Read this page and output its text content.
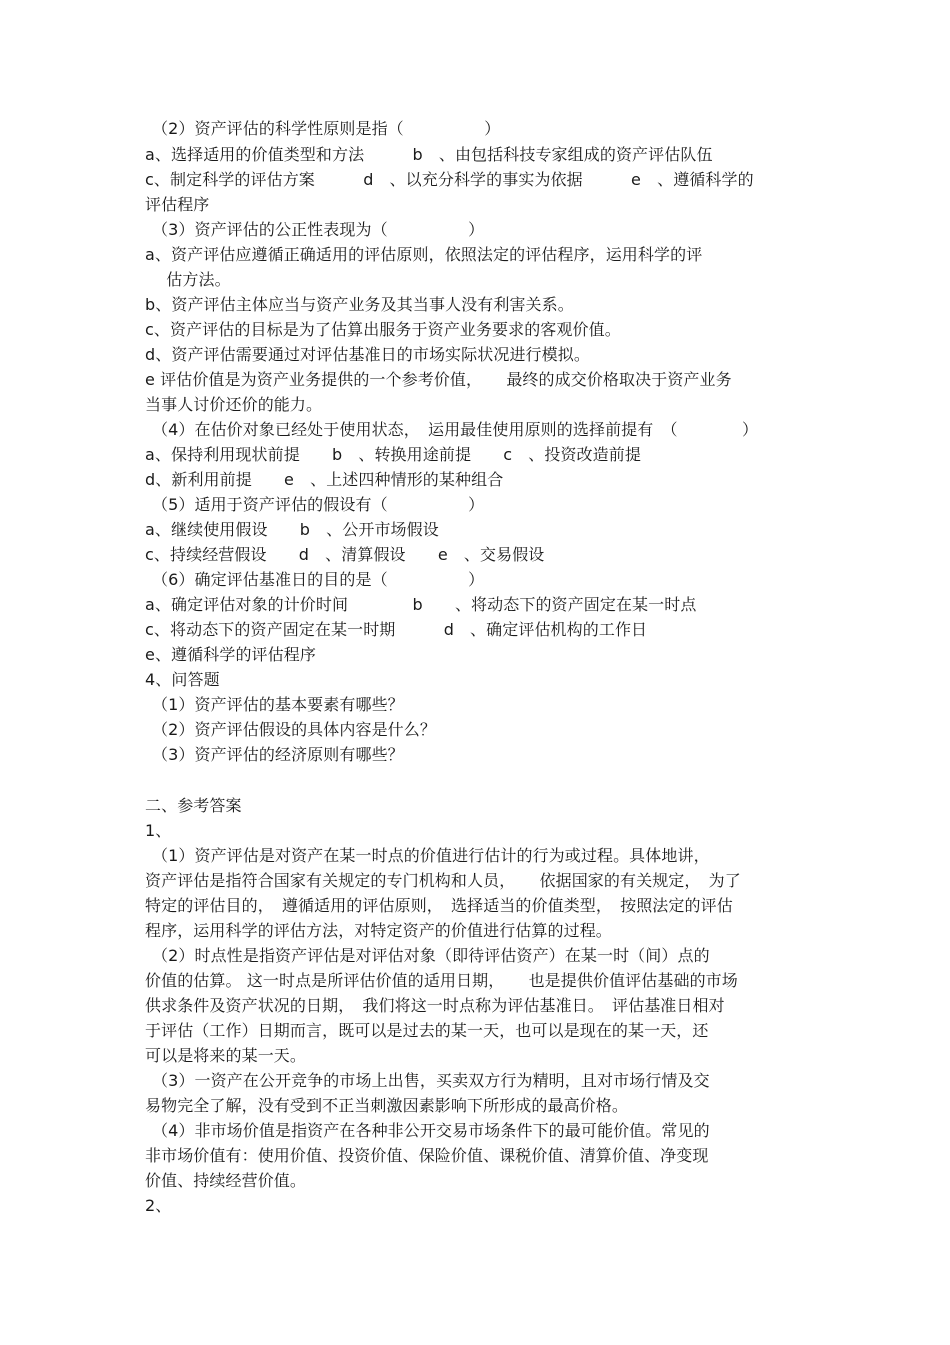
（2）资产评估的科学性原则是指（　　　　　）

a、选择适用的价值类型和方法　　　b　、由包括科技专家组成的资产评估队伍

c、制定科学的评估方案　　　d　、以充分科学的事实为依据　　　e　、遵循科学的

评估程序

（3）资产评估的公正性表现为（　　　　　）

a、资产评估应遵循正确适用的评估原则，依照法定的评估程序，运用科学的评

　 估方法。

b、资产评估主体应当与资产业务及其当事人没有利害关系。

c、资产评估的目标是为了估算出服务于资产业务要求的客观价值。

d、资产评估需要通过对评估基准日的市场实际状况进行模拟。

e 评估价值是为资产业务提供的一个参考价值，　　最终的成交价格取决于资产业务

当事人讨价还价的能力。

（4）在估价对象已经处于使用状态，　运用最佳使用原则的选择前提有　（　　　　）

a、保持利用现状前提　　b　、转换用途前提　　c　、投资改造前提

d、新利用前提　　e　、上述四种情形的某种组合

（5）适用于资产评估的假设有（　　　　　）

a、继续使用假设　　b　、公开市场假设

c、持续经营假设　　d　、清算假设　　e　、交易假设

（6）确定评估基准日的目的是（　　　　　）

a、确定评估对象的计价时间　　　　b　　、将动态下的资产固定在某一时点

c、将动态下的资产固定在某一时期　　　d　、确定评估机构的工作日

e、遵循科学的评估程序

4、问答题

（1）资产评估的基本要素有哪些？

（2）资产评估假设的具体内容是什么？

（3）资产评估的经济原则有哪些？

二、参考答案

1、

（1）资产评估是对资产在某一时点的价值进行估计的行为或过程。具体地讲，

资产评估是指符合国家有关规定的专门机构和人员，　　依据国家的有关规定，　为了

特定的评估目的，　遵循适用的评估原则，　选择适当的价值类型，　按照法定的评估

程序，运用科学的评估方法，对特定资产的价值进行估算的过程。

（2）时点性是指资产评估是对评估对象（即待评估资产）在某一时（间）点的

价值的估算。 这一时点是所评估价值的适用日期，　　也是提供价值评估基础的市场

供求条件及资产状况的日期，　我们将这一时点称为评估基准日。　评估基准日相对

于评估（工作）日期而言，既可以是过去的某一天，也可以是现在的某一天，还

可以是将来的某一天。

（3）一资产在公开竞争的市场上出售，买卖双方行为精明，且对市场行情及交

易物完全了解，没有受到不正当刺激因素影响下所形成的最高价格。

（4）非市场价值是指资产在各种非公开交易市场条件下的最可能价值。常见的

非市场价值有：使用价值、投资价值、保险价值、课税价值、清算价值、净变现

价值、持续经营价值。

2、
